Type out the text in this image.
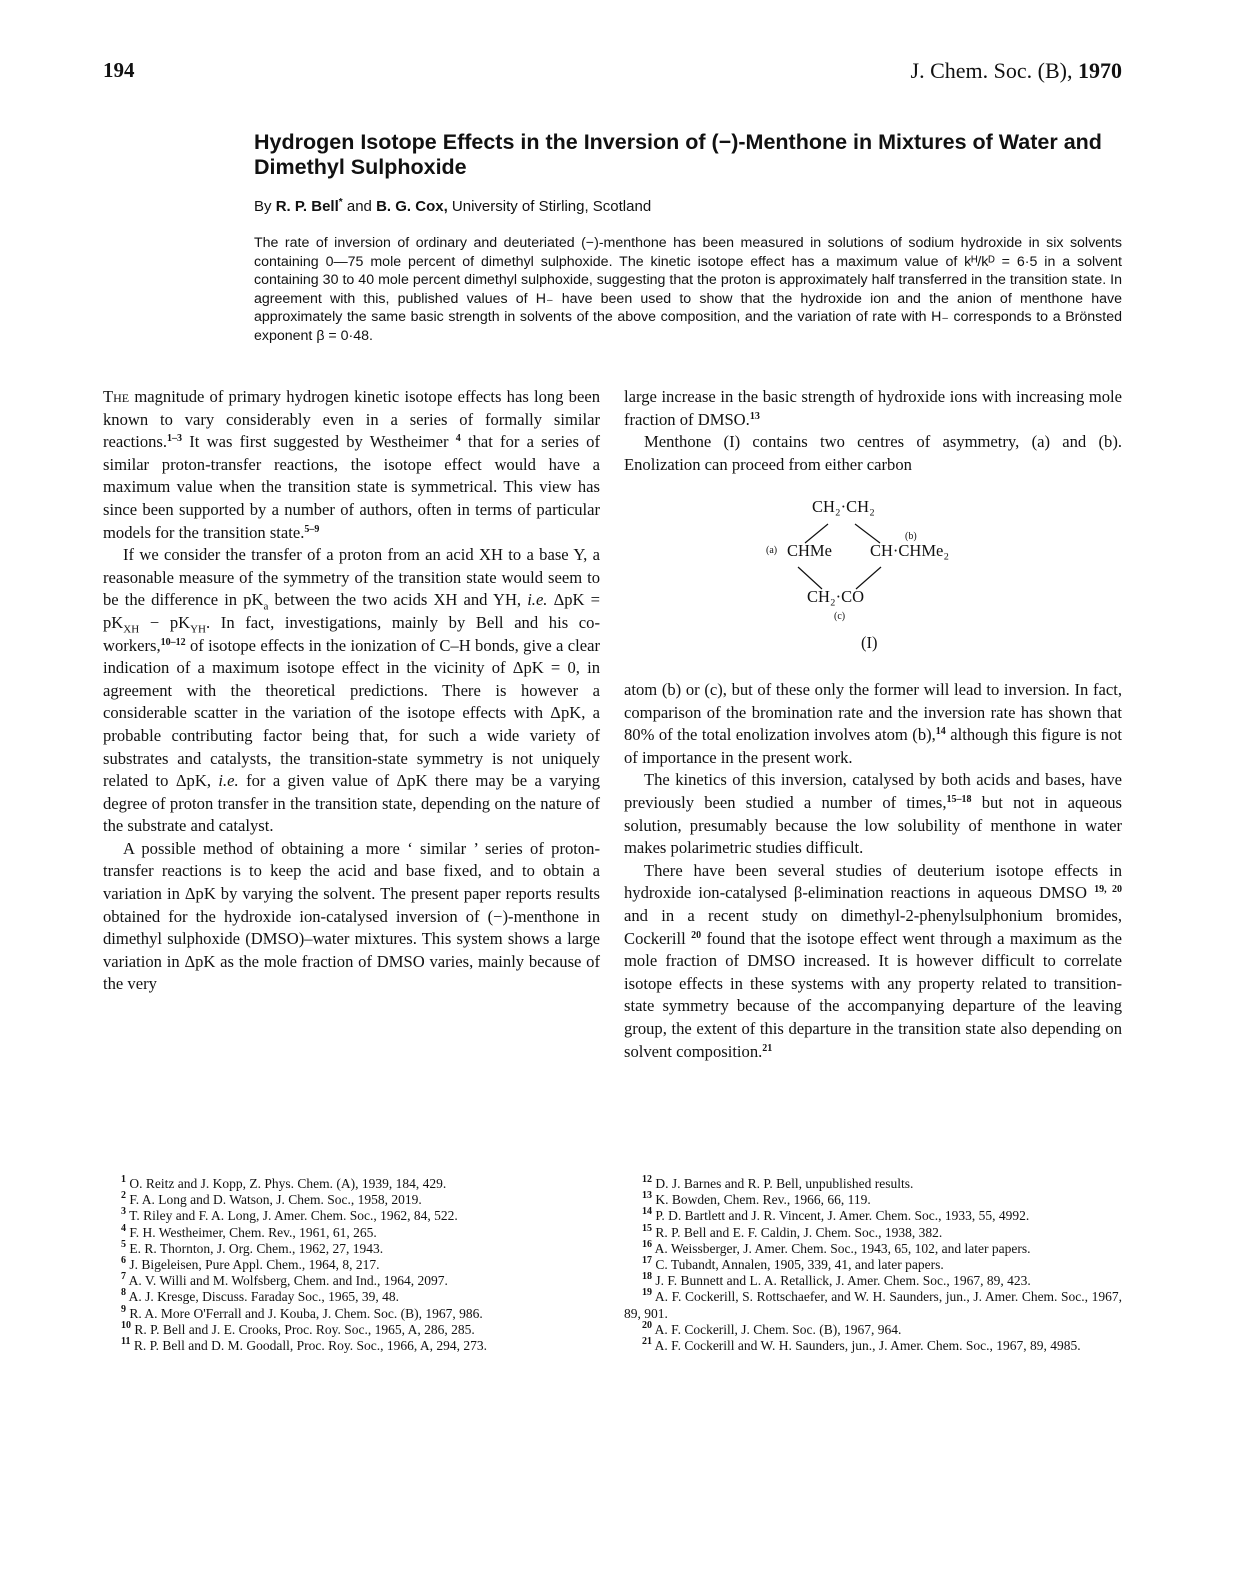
194	J. Chem. Soc. (B), 1970
Hydrogen Isotope Effects in the Inversion of (−)-Menthone in Mixtures of Water and Dimethyl Sulphoxide
By R. P. Bell* and B. G. Cox, University of Stirling, Scotland
The rate of inversion of ordinary and deuteriated (−)-menthone has been measured in solutions of sodium hydroxide in six solvents containing 0—75 mole percent of dimethyl sulphoxide. The kinetic isotope effect has a maximum value of kᴴ/kᴰ = 6·5 in a solvent containing 30 to 40 mole percent dimethyl sulphoxide, suggesting that the proton is approximately half transferred in the transition state. In agreement with this, published values of H₋ have been used to show that the hydroxide ion and the anion of menthone have approximately the same basic strength in solvents of the above composition, and the variation of rate with H₋ corresponds to a Brönsted exponent β = 0·48.

The magnitude of primary hydrogen kinetic isotope effects has long been known to vary considerably even in a series of formally similar reactions.$^{1-3}$ It was first suggested by Westheimer $^4$ that for a series of similar proton-transfer reactions, the isotope effect would have a maximum value when the transition state is symmetrical. This view has since been supported by a number of authors, often in terms of particular models for the transition state.$^{5-9}$

If we consider the transfer of a proton from an acid XH to a base Y, a reasonable measure of the symmetry of the transition state would seem to be the difference in $pK_a$ between the two acids XH and YH, i.e. $\Delta pK = pK_{XH} - pK_{YH}$. In fact, investigations, mainly by Bell and his co-workers,$^{10-12}$ of isotope effects in the ionization of C–H bonds, give a clear indication of a maximum isotope effect in the vicinity of ΔpK = 0, in agreement with the theoretical predictions. There is however a considerable scatter in the variation of the isotope effects with ΔpK, a probable contributing factor being that, for such a wide variety of substrates and catalysts, the transition-state symmetry is not uniquely related to ΔpK, i.e. for a given value of ΔpK there may be a varying degree of proton transfer in the transition state, depending on the nature of the substrate and catalyst.

A possible method of obtaining a more ‘ similar ’ series of proton-transfer reactions is to keep the acid and base fixed, and to obtain a variation in ΔpK by varying the solvent. The present paper reports results obtained for the hydroxide ion-catalysed inversion of (−)-menthone in dimethyl sulphoxide (DMSO)–water mixtures. This system shows a large variation in ΔpK as the mole fraction of DMSO varies, mainly because of the very

large increase in the basic strength of hydroxide ions with increasing mole fraction of DMSO.$^{13}$

Menthone (I) contains two centres of asymmetry, (a) and (b). Enolization can proceed from either carbon

CH₂·CH₂
(b)
(a) CHMe CH·CHMe₂
CH₂·CO
(c)
(I)

atom (b) or (c), but of these only the former will lead to inversion. In fact, comparison of the bromination rate and the inversion rate has shown that 80% of the total enolization involves atom (b),$^{14}$ although this figure is not of importance in the present work.

The kinetics of this inversion, catalysed by both acids and bases, have previously been studied a number of times,$^{15-18}$ but not in aqueous solution, presumably because the low solubility of menthone in water makes polarimetric studies difficult.

There have been several studies of deuterium isotope effects in hydroxide ion-catalysed β-elimination reactions in aqueous DMSO $^{19, 20}$ and in a recent study on dimethyl-2-phenylsulphonium bromides, Cockerill $^{20}$ found that the isotope effect went through a maximum as the mole fraction of DMSO increased. It is however difficult to correlate isotope effects in these systems with any property related to transition-state symmetry because of the accompanying departure of the leaving group, the extent of this departure in the transition state also depending on solvent composition.$^{21}$

$^1$ O. Reitz and J. Kopp, Z. Phys. Chem. (A), 1939, 184, 429.
$^2$ F. A. Long and D. Watson, J. Chem. Soc., 1958, 2019.
$^3$ T. Riley and F. A. Long, J. Amer. Chem. Soc., 1962, 84, 522.
$^4$ F. H. Westheimer, Chem. Rev., 1961, 61, 265.
$^5$ E. R. Thornton, J. Org. Chem., 1962, 27, 1943.
$^6$ J. Bigeleisen, Pure Appl. Chem., 1964, 8, 217.
$^7$ A. V. Willi and M. Wolfsberg, Chem. and Ind., 1964, 2097.
$^8$ A. J. Kresge, Discuss. Faraday Soc., 1965, 39, 48.
$^9$ R. A. More O'Ferrall and J. Kouba, J. Chem. Soc. (B), 1967, 986.
$^{10}$ R. P. Bell and J. E. Crooks, Proc. Roy. Soc., 1965, A, 286, 285.
$^{11}$ R. P. Bell and D. M. Goodall, Proc. Roy. Soc., 1966, A, 294, 273.
$^{12}$ D. J. Barnes and R. P. Bell, unpublished results.
$^{13}$ K. Bowden, Chem. Rev., 1966, 66, 119.
$^{14}$ P. D. Bartlett and J. R. Vincent, J. Amer. Chem. Soc., 1933, 55, 4992.
$^{15}$ R. P. Bell and E. F. Caldin, J. Chem. Soc., 1938, 382.
$^{16}$ A. Weissberger, J. Amer. Chem. Soc., 1943, 65, 102, and later papers.
$^{17}$ C. Tubandt, Annalen, 1905, 339, 41, and later papers.
$^{18}$ J. F. Bunnett and L. A. Retallick, J. Amer. Chem. Soc., 1967, 89, 423.
$^{19}$ A. F. Cockerill, S. Rottschaefer, and W. H. Saunders, jun., J. Amer. Chem. Soc., 1967, 89, 901.
$^{20}$ A. F. Cockerill, J. Chem. Soc. (B), 1967, 964.
$^{21}$ A. F. Cockerill and W. H. Saunders, jun., J. Amer. Chem. Soc., 1967, 89, 4985.
